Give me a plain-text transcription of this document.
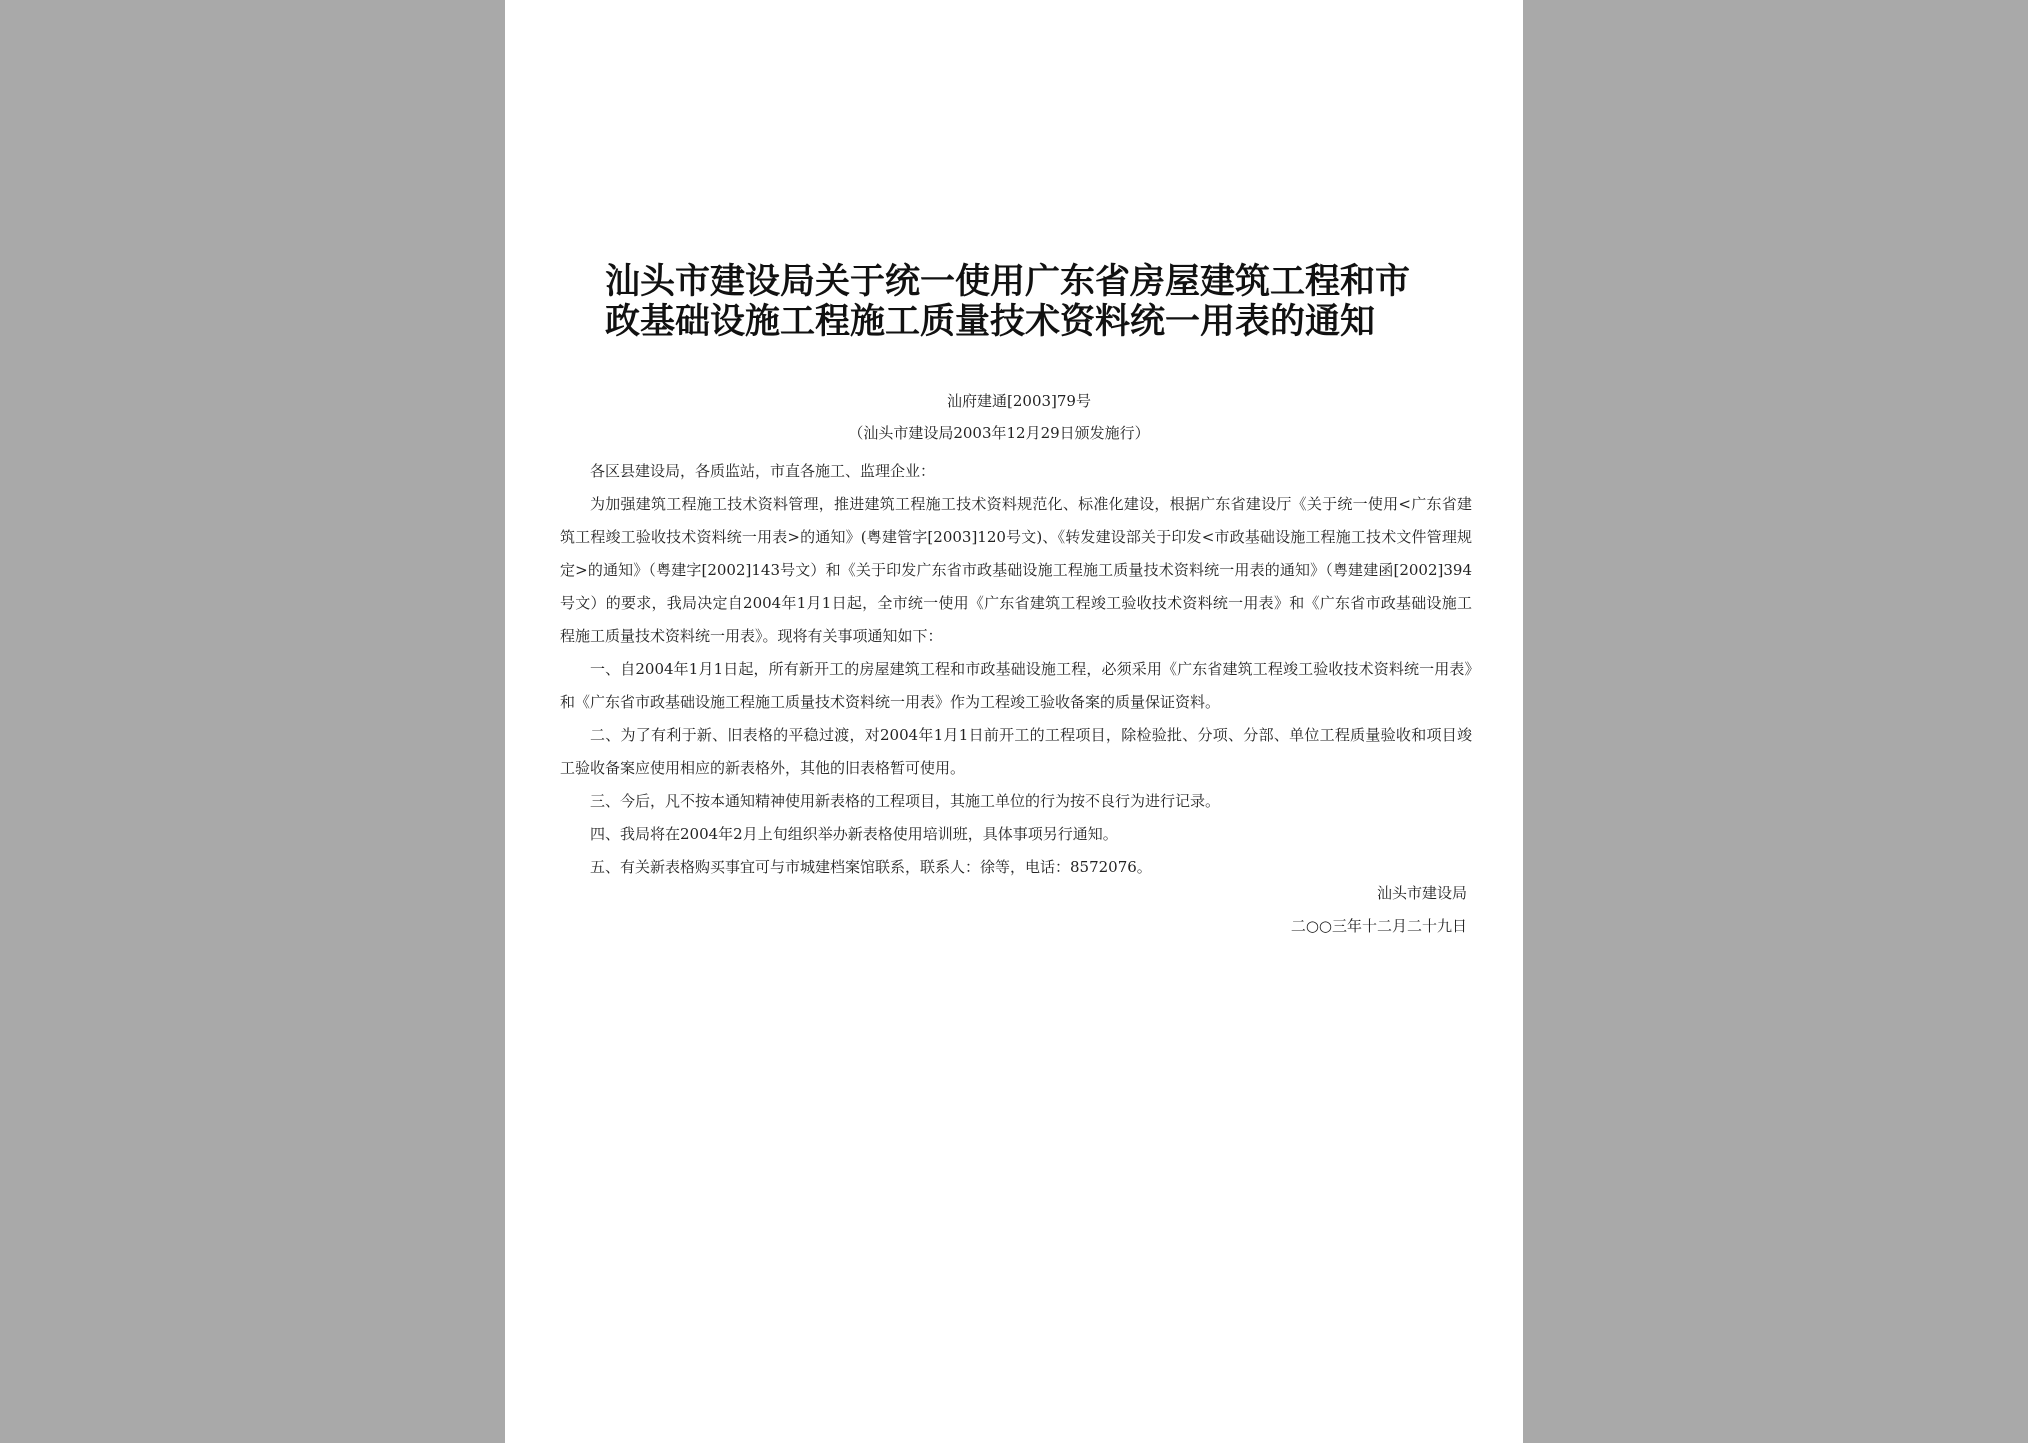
汕头市建设局关于统一使用广东省房屋建筑工程和市
政基础设施工程施工质量技术资料统一用表的通知
汕府建通[2003]79号
（汕头市建设局2003年12月29日颁发施行）

各区县建设局，各质监站，市直各施工、监理企业：

为加强建筑工程施工技术资料管理，推进建筑工程施工技术资料规范化、标准化建设，根据广东省建设厅《关于统一使用<广东省建筑工程竣工验收技术资料统一用表>的通知》(粤建管字[2003]120号文)、《转发建设部关于印发<市政基础设施工程施工技术文件管理规定>的通知》（粤建字[2002]143号文）和《关于印发广东省市政基础设施工程施工质量技术资料统一用表的通知》（粤建建函[2002]394号文）的要求，我局决定自2004年1月1日起，全市统一使用《广东省建筑工程竣工验收技术资料统一用表》和《广东省市政基础设施工程施工质量技术资料统一用表》。现将有关事项通知如下：

一、自2004年1月1日起，所有新开工的房屋建筑工程和市政基础设施工程，必须采用《广东省建筑工程竣工验收技术资料统一用表》和《广东省市政基础设施工程施工质量技术资料统一用表》作为工程竣工验收备案的质量保证资料。

二、为了有利于新、旧表格的平稳过渡，对2004年1月1日前开工的工程项目，除检验批、分项、分部、单位工程质量验收和项目竣工验收备案应使用相应的新表格外，其他的旧表格暂可使用。

三、今后，凡不按本通知精神使用新表格的工程项目，其施工单位的行为按不良行为进行记录。

四、我局将在2004年2月上旬组织举办新表格使用培训班，具体事项另行通知。

五、有关新表格购买事宜可与市城建档案馆联系，联系人：徐等，电话：8572076。

汕头市建设局
二○○三年十二月二十九日
